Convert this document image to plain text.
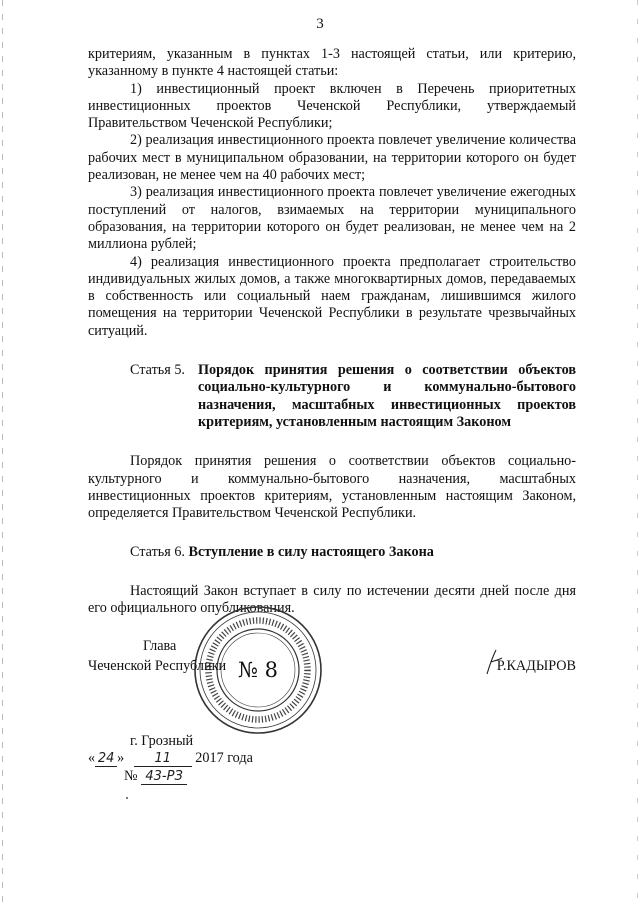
3

критериям, указанным в пунктах 1-3 настоящей статьи, или критерию, указанному в пункте 4 настоящей статьи:

1) инвестиционный проект включен в Перечень приоритетных инвестиционных проектов Чеченской Республики, утверждаемый Правительством Чеченской Республики;

2) реализация инвестиционного проекта повлечет увеличение количества рабочих мест в муниципальном образовании, на территории которого он будет реализован, не менее чем на 40 рабочих мест;

3) реализация инвестиционного проекта повлечет увеличение ежегодных поступлений от налогов, взимаемых на территории муниципального образования, на территории которого он будет реализован, не менее чем на 2 миллиона рублей;

4) реализация инвестиционного проекта предполагает строительство индивидуальных жилых домов, а также многоквартирных домов, передаваемых в собственность или социальный наем гражданам, лишившимся жилого помещения на территории Чеченской Республики в результате чрезвычайных ситуаций.

Статья 5. Порядок принятия решения о соответствии объектов социально-культурного и коммунально-бытового назначения, масштабных инвестиционных проектов критериям, установленным настоящим Законом

Порядок принятия решения о соответствии объектов социально-культурного и коммунально-бытового назначения, масштабных инвестиционных проектов критериям, установленным настоящим Законом, определяется Правительством Чеченской Республики.

Статья 6. Вступление в силу настоящего Закона

Настоящий Закон вступает в силу по истечении десяти дней после дня его официального опубликования.

№ 8
Глава
Чеченской Республики	Р.КАДЫРОВ
г. Грозный
« 24 » 11 2017 года
№ 43-РЗ
